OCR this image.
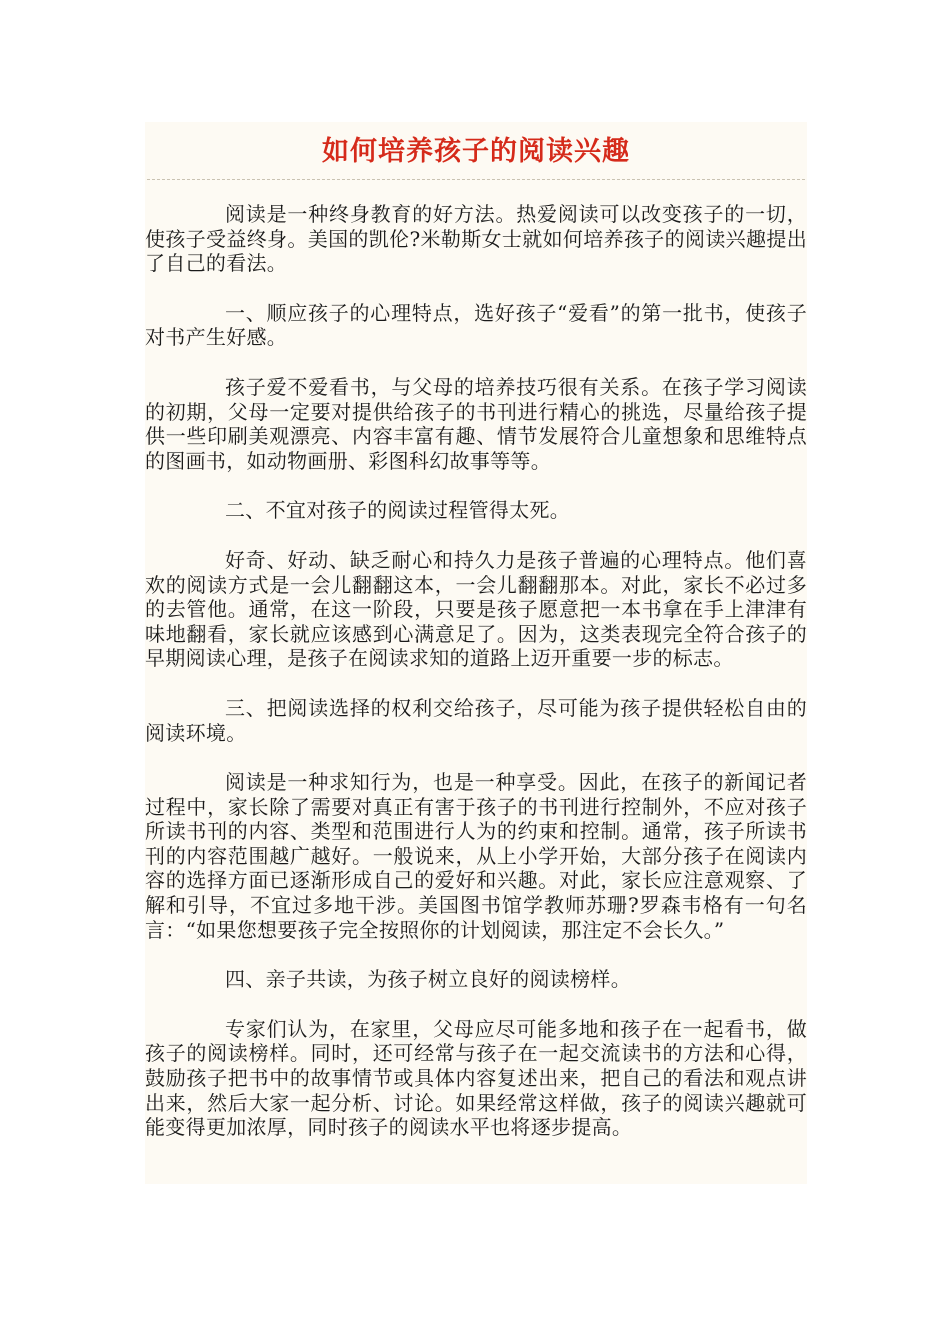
如何培养孩子的阅读兴趣

阅读是一种终身教育的好方法。热爱阅读可以改变孩子的一切，使孩子受益终身。美国的凯伦?米勒斯女士就如何培养孩子的阅读兴趣提出了自己的看法。

一、顺应孩子的心理特点，选好孩子“爱看”的第一批书，使孩子对书产生好感。

孩子爱不爱看书，与父母的培养技巧很有关系。在孩子学习阅读的初期，父母一定要对提供给孩子的书刊进行精心的挑选，尽量给孩子提供一些印刷美观漂亮、内容丰富有趣、情节发展符合儿童想象和思维特点的图画书，如动物画册、彩图科幻故事等等。

二、不宜对孩子的阅读过程管得太死。

好奇、好动、缺乏耐心和持久力是孩子普遍的心理特点。他们喜欢的阅读方式是一会儿翻翻这本，一会儿翻翻那本。对此，家长不必过多的去管他。通常，在这一阶段，只要是孩子愿意把一本书拿在手上津津有味地翻看，家长就应该感到心满意足了。因为，这类表现完全符合孩子的早期阅读心理，是孩子在阅读求知的道路上迈开重要一步的标志。

三、把阅读选择的权利交给孩子，尽可能为孩子提供轻松自由的阅读环境。

阅读是一种求知行为，也是一种享受。因此，在孩子的新闻记者过程中，家长除了需要对真正有害于孩子的书刊进行控制外，不应对孩子所读书刊的内容、类型和范围进行人为的约束和控制。通常，孩子所读书刊的内容范围越广越好。一般说来，从上小学开始，大部分孩子在阅读内容的选择方面已逐渐形成自己的爱好和兴趣。对此，家长应注意观察、了解和引导，不宜过多地干涉。美国图书馆学教师苏珊?罗森韦格有一句名言：“如果您想要孩子完全按照你的计划阅读，那注定不会长久。”

四、亲子共读，为孩子树立良好的阅读榜样。

专家们认为，在家里，父母应尽可能多地和孩子在一起看书，做孩子的阅读榜样。同时，还可经常与孩子在一起交流读书的方法和心得，鼓励孩子把书中的故事情节或具体内容复述出来，把自己的看法和观点讲出来，然后大家一起分析、讨论。如果经常这样做，孩子的阅读兴趣就可能变得更加浓厚，同时孩子的阅读水平也将逐步提高。
